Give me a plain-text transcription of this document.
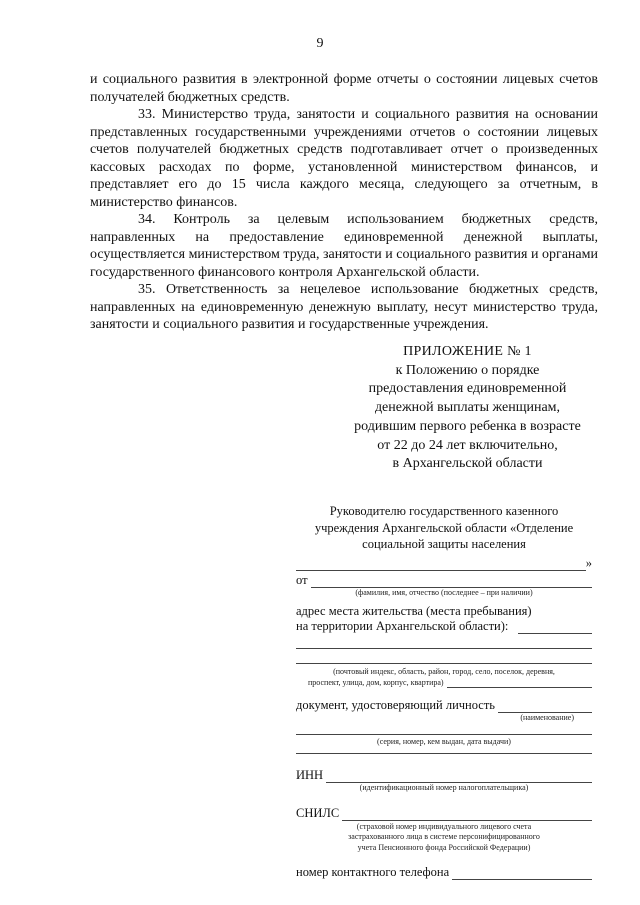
9

и социального развития в электронной форме отчеты о состоянии лицевых счетов получателей бюджетных средств.

33. Министерство труда, занятости и социального развития на основании представленных государственными учреждениями отчетов о состоянии лицевых счетов получателей бюджетных средств подготавливает отчет о произведенных кассовых расходах по форме, установленной министерством финансов, и представляет его до 15 числа каждого месяца, следующего за отчетным, в министерство финансов.

34. Контроль за целевым использованием бюджетных средств, направленных на предоставление единовременной денежной выплаты, осуществляется министерством труда, занятости и социального развития и органами государственного финансового контроля Архангельской области.

35. Ответственность за нецелевое использование бюджетных средств, направленных на единовременную денежную выплату, несут министерство труда, занятости и социального развития и государственные учреждения.

ПРИЛОЖЕНИЕ № 1
к Положению о порядке
предоставления единовременной
денежной выплаты женщинам,
родившим первого ребенка в возрасте
от 22 до 24 лет включительно,
в Архангельской области
Руководителю государственного казенного
учреждения Архангельской области «Отделение
социальной защиты населения
»
от
(фамилия, имя, отчество (последнее – при наличии)
адрес места жительства (места пребывания)
на территории Архангельской области):
(почтовый индекс, область, район, город, село, поселок, деревня,
проспект, улица, дом, корпус, квартира)
документ, удостоверяющий личность
(наименование)
(серия, номер, кем выдан, дата выдачи)
ИНН
(идентификационный номер налогоплательщика)
СНИЛС
(страховой номер индивидуального лицевого счета
застрахованного лица в системе персонифицированного
учета Пенсионного фонда Российской Федерации)
номер контактного телефона
